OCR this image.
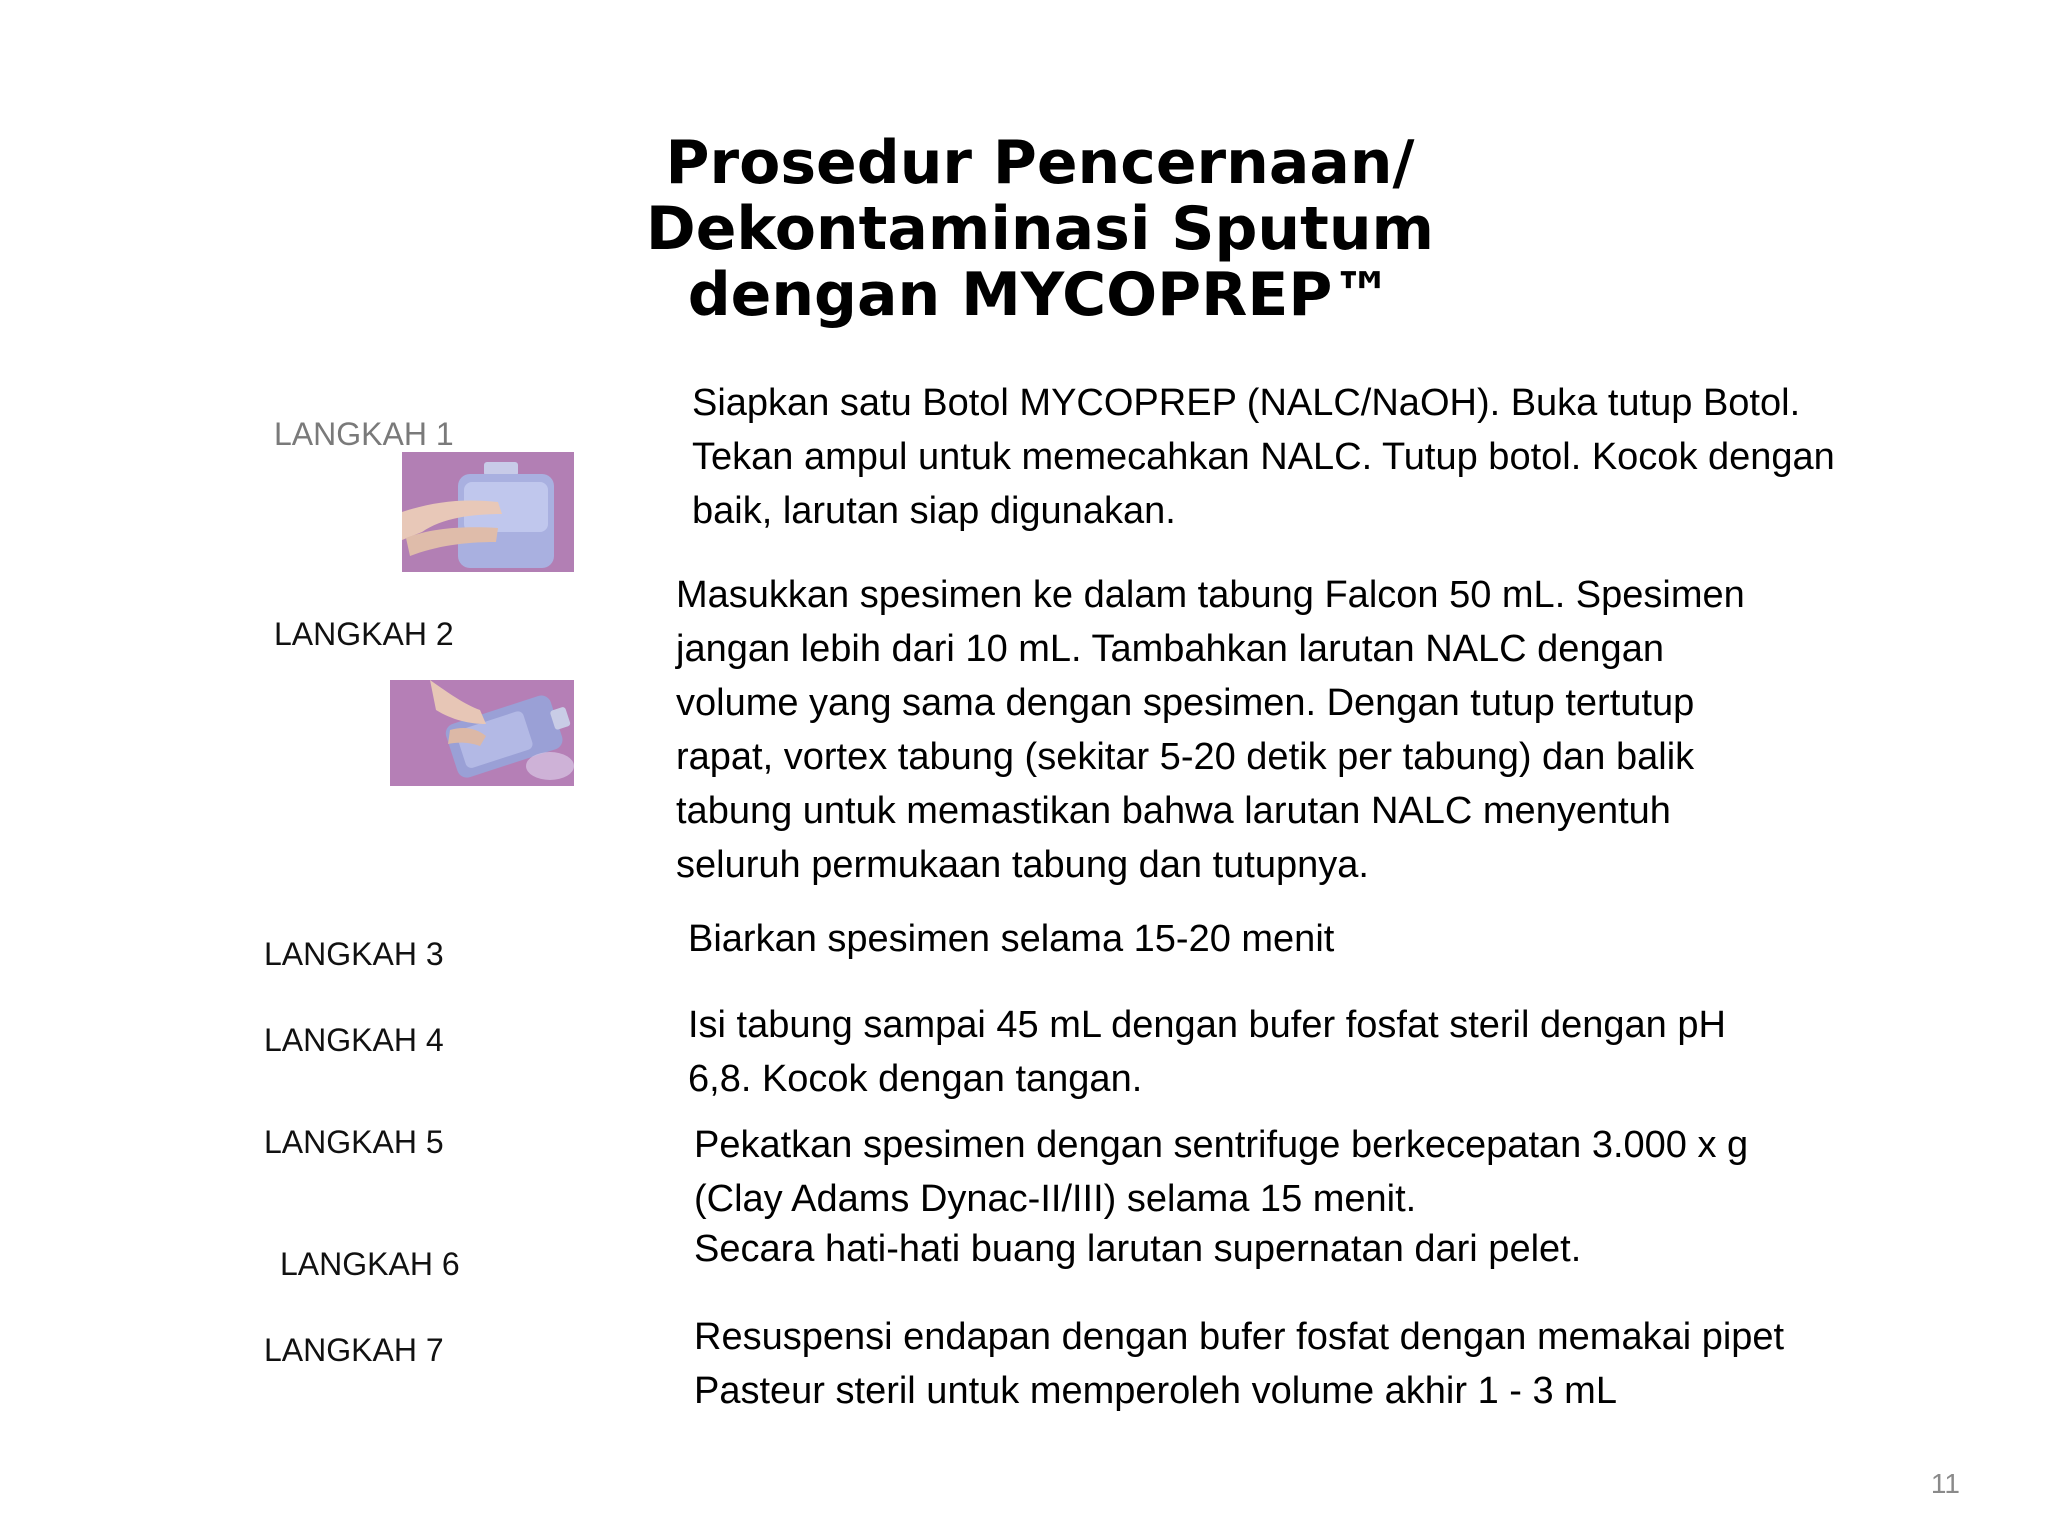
Prosedur Pencernaan/
Dekontaminasi Sputum
dengan MYCOPREP™
LANGKAH 1
Siapkan satu Botol MYCOPREP (NALC/NaOH). Buka tutup Botol.
Tekan ampul untuk memecahkan NALC. Tutup botol. Kocok dengan
baik, larutan siap digunakan.
LANGKAH 2
Masukkan spesimen ke dalam tabung Falcon 50 mL. Spesimen
jangan lebih dari 10 mL. Tambahkan larutan NALC dengan
volume yang sama dengan spesimen. Dengan tutup tertutup
rapat, vortex tabung (sekitar 5-20 detik per tabung) dan balik
tabung untuk memastikan bahwa larutan NALC menyentuh
seluruh permukaan tabung dan tutupnya.
LANGKAH 3	Biarkan spesimen selama 15-20 menit
LANGKAH 4	Isi tabung sampai 45 mL dengan bufer fosfat steril dengan pH
6,8. Kocok dengan tangan.
LANGKAH 5	Pekatkan spesimen dengan sentrifuge berkecepatan 3.000 x g
(Clay Adams Dynac-II/III) selama 15 menit.
LANGKAH 6	Secara hati-hati buang larutan supernatan dari pelet.
LANGKAH 7	Resuspensi endapan dengan bufer fosfat dengan memakai pipet
Pasteur steril untuk memperoleh volume akhir 1 - 3 mL
11
